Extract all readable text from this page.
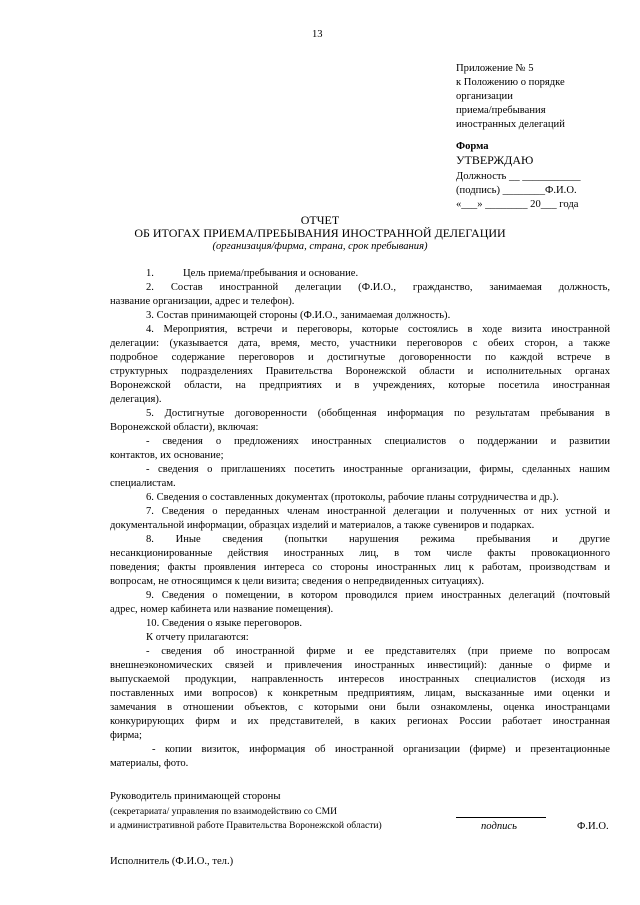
13
Приложение № 5
к Положению о порядке
организации
приема/пребывания
иностранных делегаций
Форма
УТВЕРЖДАЮ
Должность __ ___________
(подпись) ________Ф.И.О.
«___» ________ 20___ года
ОТЧЕТ
ОБ ИТОГАХ ПРИЕМА/ПРЕБЫВАНИЯ ИНОСТРАННОЙ ДЕЛЕГАЦИИ
(организация/фирма, страна, срок пребывания)
1.	Цель приема/пребывания и основание.
2. Состав иностранной делегации (Ф.И.О., гражданство, занимаемая должность,
название организации, адрес и телефон).
3. Состав принимающей стороны (Ф.И.О., занимаемая должность).
4. Мероприятия, встречи и переговоры, которые состоялись в ходе визита иностранной
делегации: (указывается дата, время, место, участники переговоров с обеих сторон, а также
подробное содержание переговоров и достигнутые договоренности по каждой встрече в
структурных подразделениях Правительства Воронежской области и исполнительных органах
Воронежской области, на предприятиях и в учреждениях, которые посетила иностранная
делегация).
5. Достигнутые договоренности (обобщенная информация по результатам пребывания в
Воронежской области), включая:
- сведения о предложениях иностранных специалистов о поддержании и развитии
контактов, их основание;
- сведения о приглашениях посетить иностранные организации, фирмы, сделанных нашим
специалистам.
6. Сведения о составленных документах (протоколы, рабочие планы сотрудничества и др.).
7. Сведения о переданных членам иностранной делегации и полученных от них устной и
документальной информации, образцах изделий и материалов, а также сувениров и подарках.
8.  Иные  сведения  (попытки  нарушения  режима  пребывания  и  другие
несанкционированные действия иностранных лиц, в том числе факты провокационного
поведения; факты проявления интереса со стороны иностранных лиц к работам, производствам и
вопросам, не относящимся к цели визита; сведения о непредвиденных ситуациях).
9. Сведения о помещении, в котором проводился прием иностранных делегаций (почтовый
адрес, номер кабинета или название помещения).
10. Сведения о языке переговоров.
К отчету прилагаются:
- сведения об иностранной фирме и ее представителях (при приеме по вопросам
внешнеэкономических связей и привлечения иностранных инвестиций): данные о фирме и
выпускаемой продукции, направленность интересов иностранных специалистов (исходя из
поставленных ими вопросов) к конкретным предприятиям, лицам, высказанные ими оценки и
замечания в отношении объектов, с которыми они были ознакомлены, оценка иностранцами
конкурирующих фирм и их представителей, в каких регионах России работает иностранная
фирма;
- копии визиток, информация об иностранной организации (фирме) и презентационные
материалы, фото.
Руководитель принимающей стороны
(секретариата/ управления по взаимодействию со СМИ
и административной работе Правительства Воронежской области)	подпись	Ф.И.О.
Исполнитель (Ф.И.О., тел.)
